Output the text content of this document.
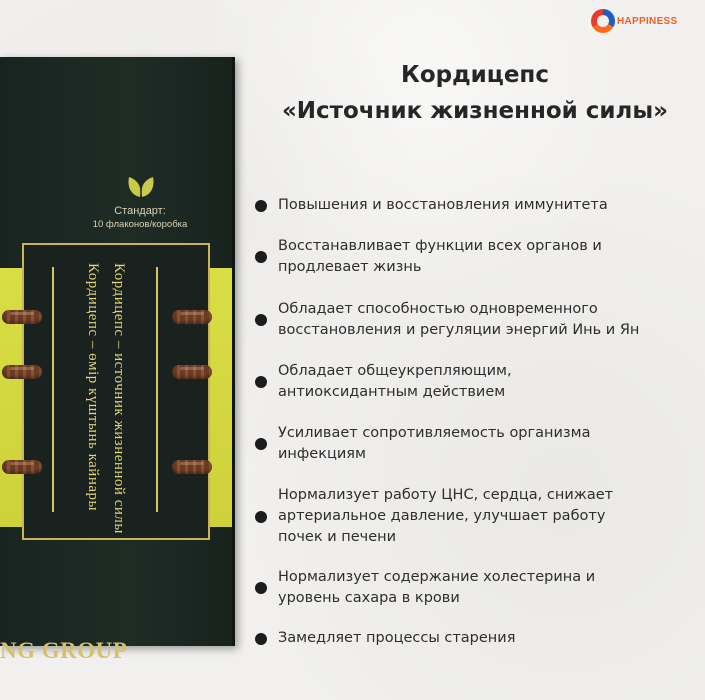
Стандарт:
10 флаконов/коробка
Кордицепс – источник жизненной силы
Кордицепс – өмір күштынь кайнары
NG GROUP
HAPPINESS
Кордицепс
«Источник жизненной силы»
Повышения и восстановления иммунитета
Восстанавливает функции всех органов и
продлевает жизнь
Обладает способностью одновременного
восстановления и регуляции энергий Инь и Ян
Обладает общеукрепляющим,
антиоксидантным действием
Усиливает сопротивляемость организма
инфекциям
Нормализует работу ЦНС, сердца, снижает
артериальное давление, улучшает работу
почек и печени
Нормализует содержание холестерина и
уровень сахара в крови
Замедляет процессы старения
